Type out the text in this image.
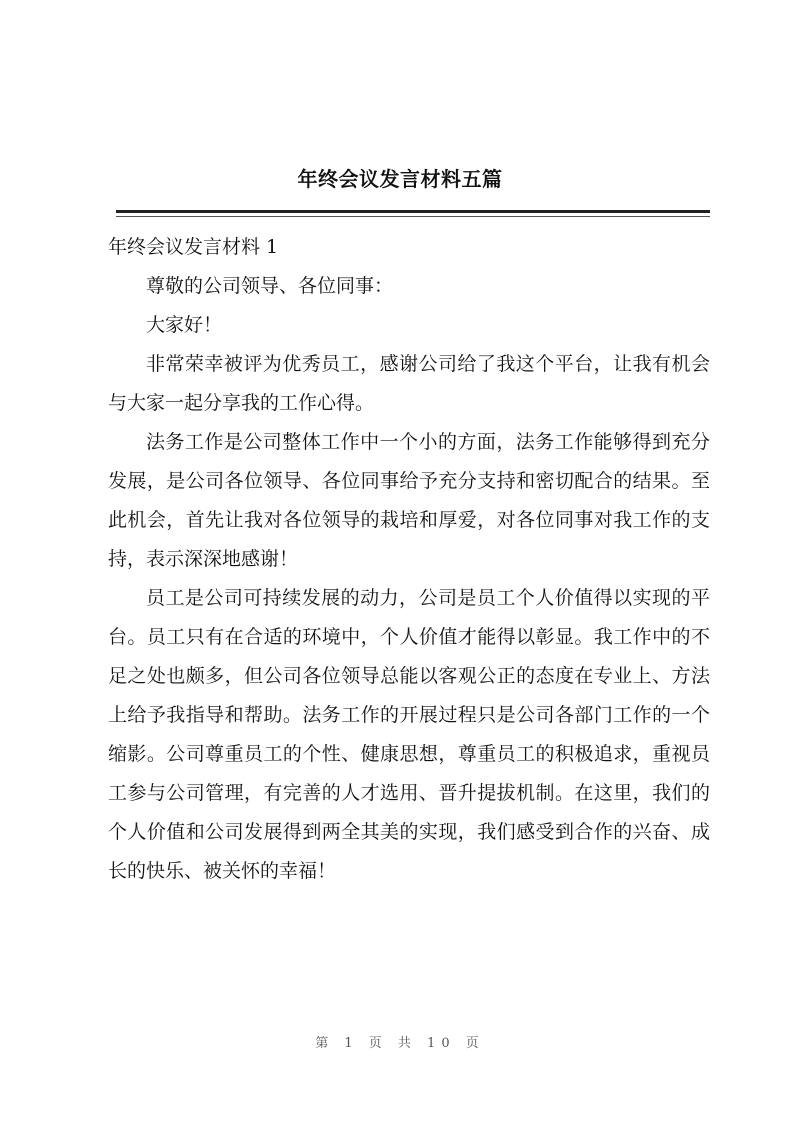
年终会议发言材料五篇

年终会议发言材料 1

尊敬的公司领导、各位同事：

大家好！

非常荣幸被评为优秀员工，感谢公司给了我这个平台，让我有机会与大家一起分享我的工作心得。

法务工作是公司整体工作中一个小的方面，法务工作能够得到充分发展，是公司各位领导、各位同事给予充分支持和密切配合的结果。至此机会，首先让我对各位领导的栽培和厚爱，对各位同事对我工作的支持，表示深深地感谢！

员工是公司可持续发展的动力，公司是员工个人价值得以实现的平台。员工只有在合适的环境中，个人价值才能得以彰显。我工作中的不足之处也颇多，但公司各位领导总能以客观公正的态度在专业上、方法上给予我指导和帮助。法务工作的开展过程只是公司各部门工作的一个缩影。公司尊重员工的个性、健康思想，尊重员工的积极追求，重视员工参与公司管理，有完善的人才选用、晋升提拔机制。在这里，我们的个人价值和公司发展得到两全其美的实现，我们感受到合作的兴奋、成长的快乐、被关怀的幸福！

第 1 页 共 10 页
